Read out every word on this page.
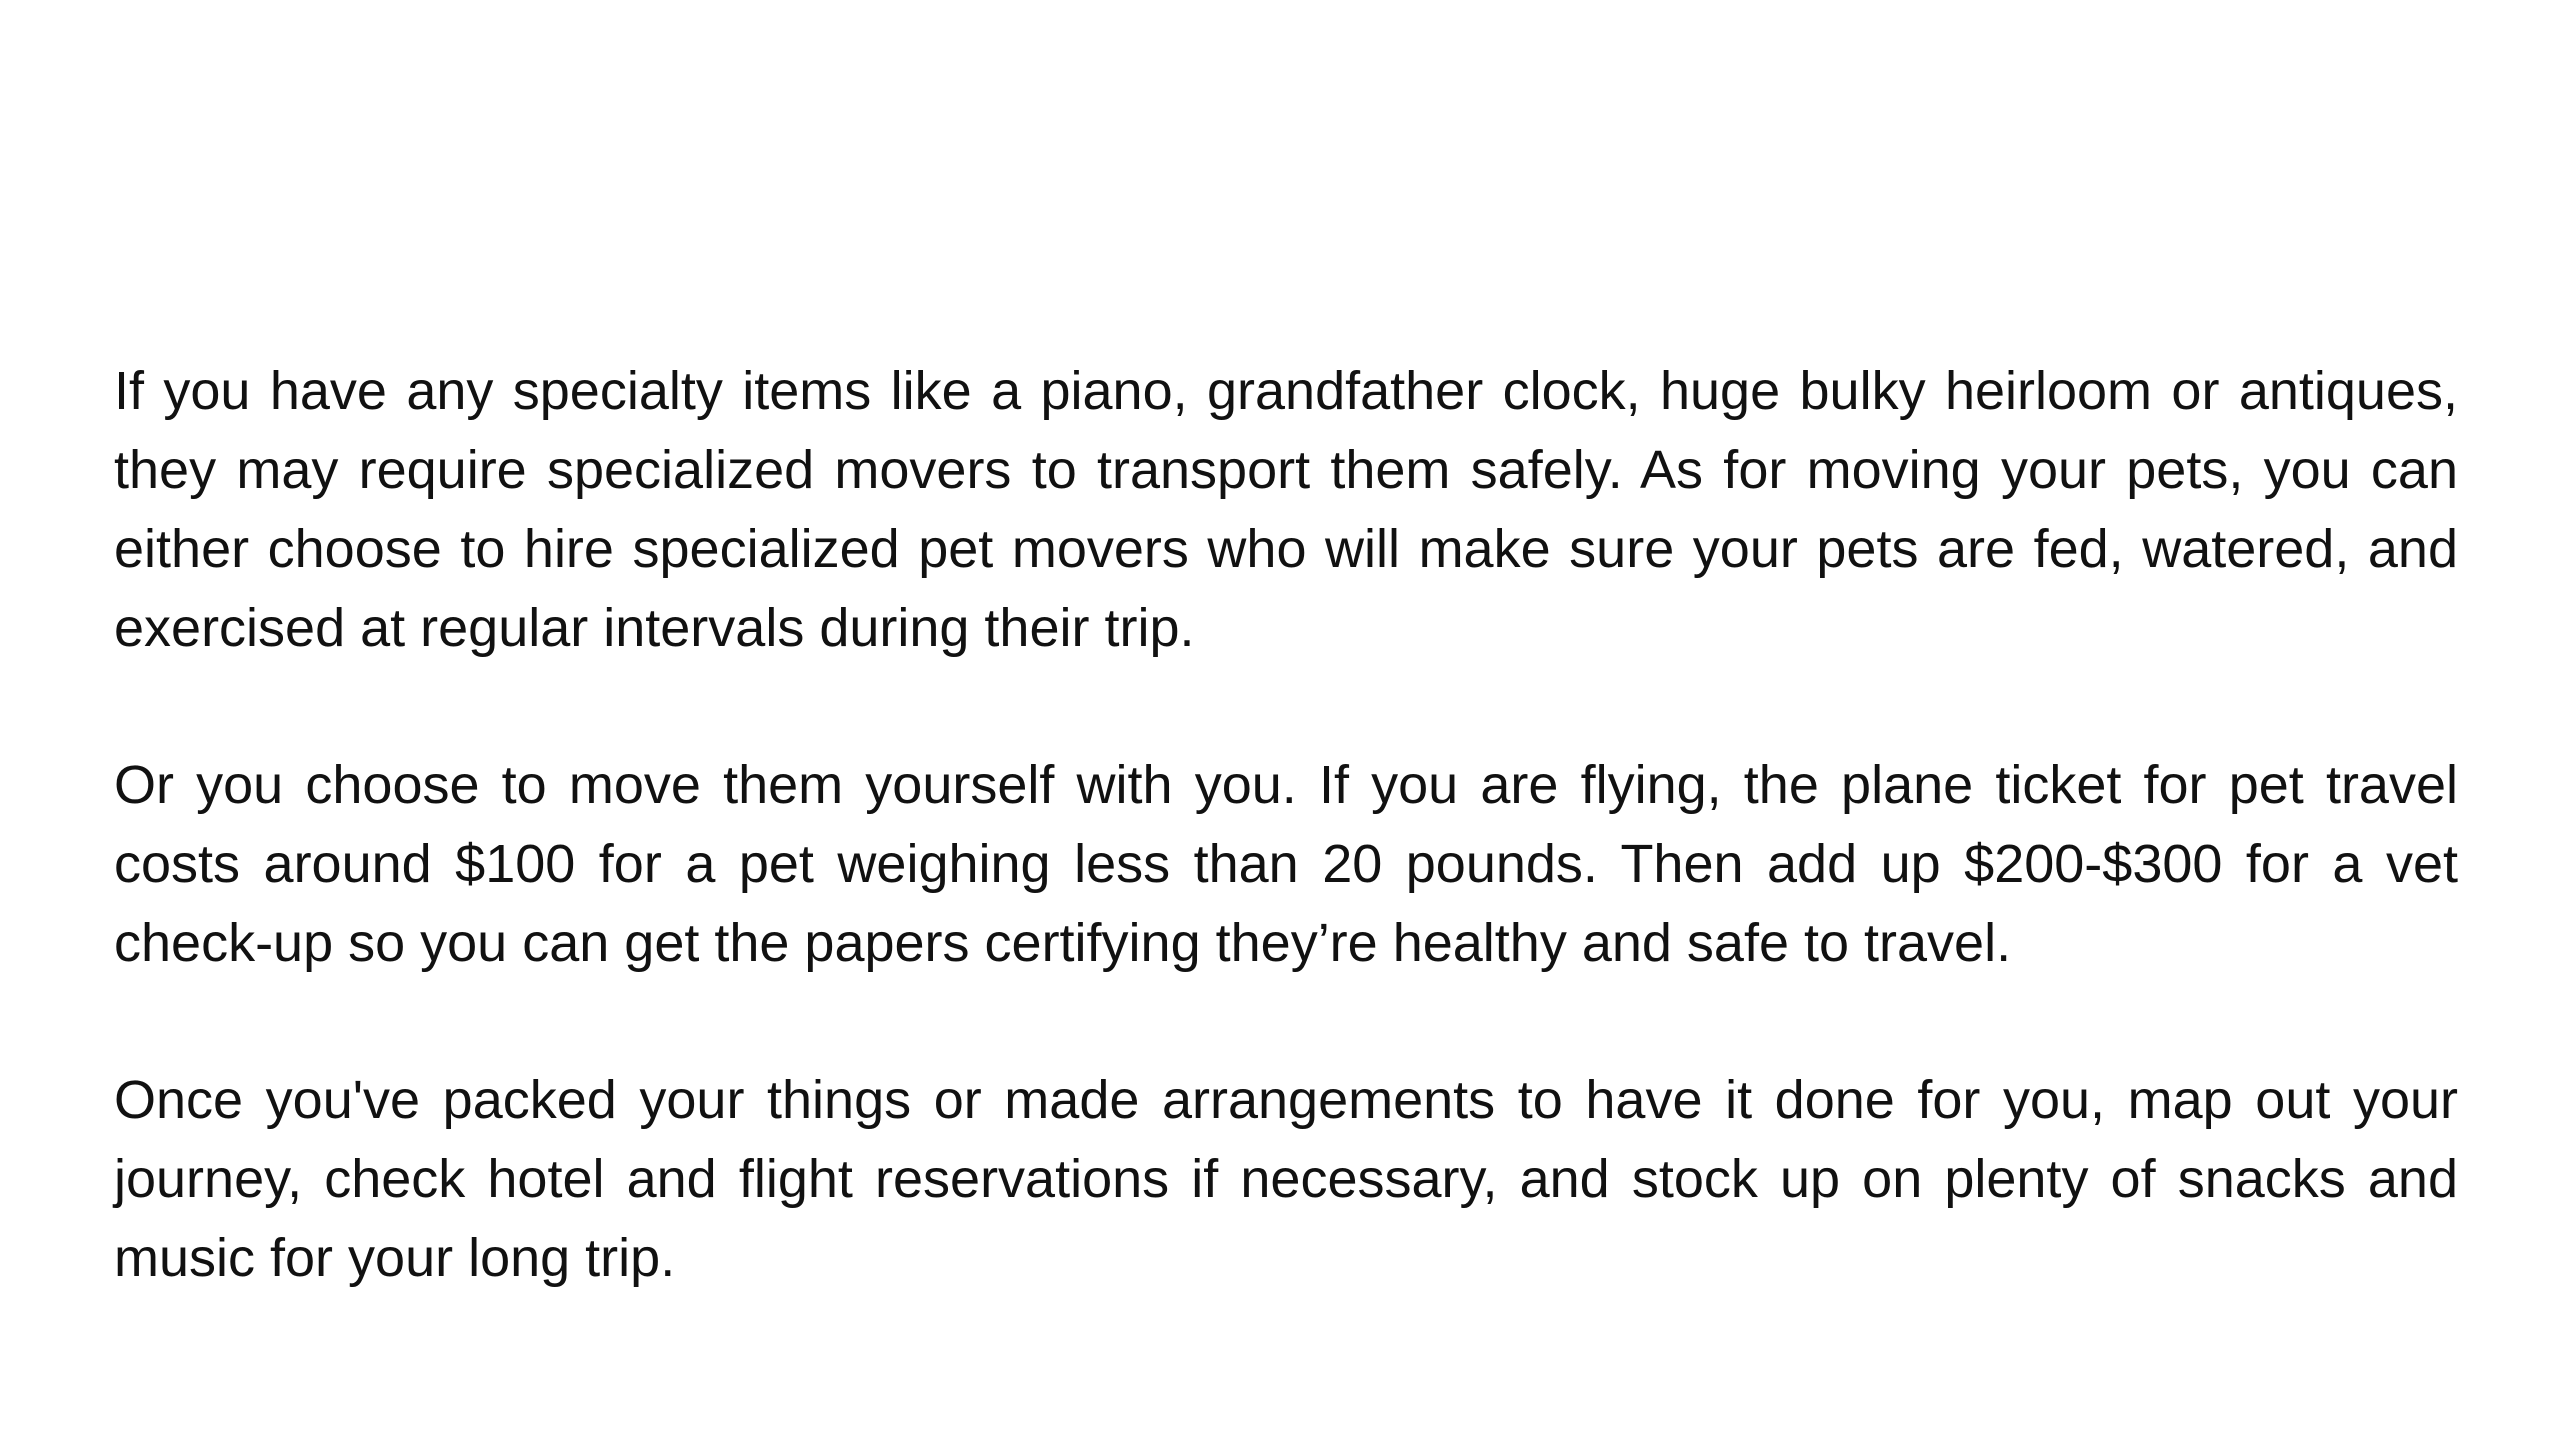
If you have any specialty items like a piano, grandfather clock, huge bulky heirloom or antiques, they may require specialized movers to transport them safely. As for moving your pets, you can either choose to hire specialized pet movers who will make sure your pets are fed, watered, and exercised at regular intervals during their trip.

Or you choose to move them yourself with you. If you are flying, the plane ticket for pet travel costs around $100 for a pet weighing less than 20 pounds. Then add up $200-$300 for a vet check-up so you can get the papers certifying they’re healthy and safe to travel.

Once you've packed your things or made arrangements to have it done for you, map out your journey, check hotel and flight reservations if necessary, and stock up on plenty of snacks and music for your long trip.
